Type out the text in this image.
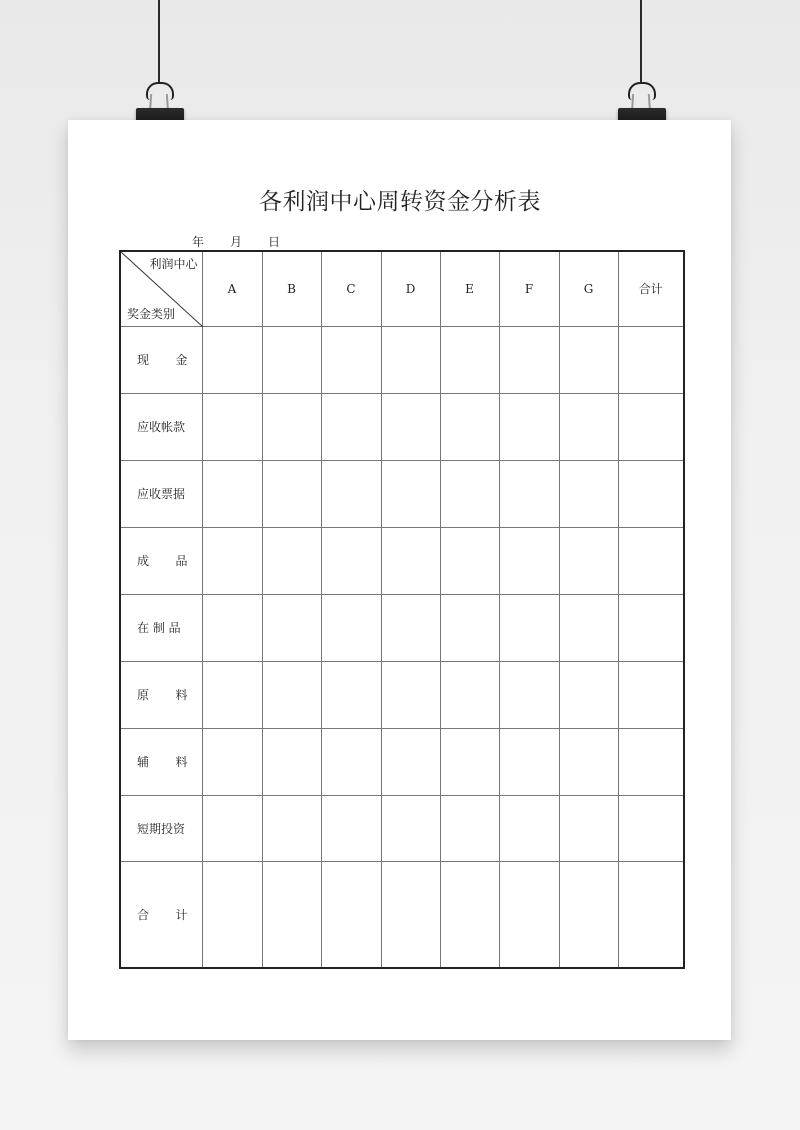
各利润中心周转资金分析表
年 月 日
利润中心
奖金类别	A	B	C	D	E	F	G	合计

现 金								

应收帐款								

应收票据								

成 品								

在 制 品								

原 料								

辅 料								

短期投资								

合 计								
